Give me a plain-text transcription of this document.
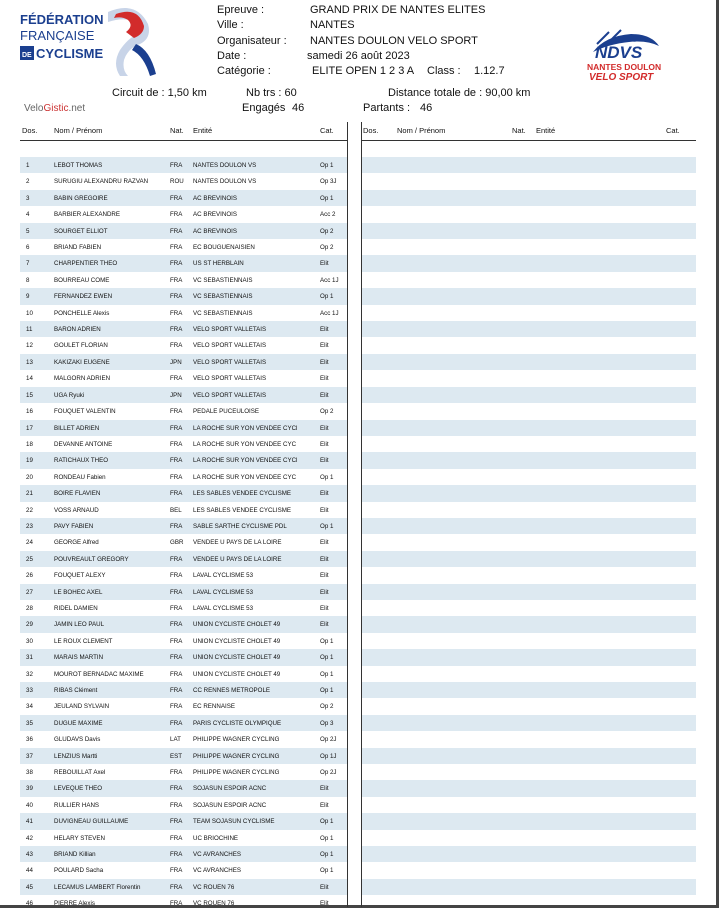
FÉDÉRATION
FRANÇAISE
DE CYCLISME	NDVS
NANTES DOULON
VELO SPORT
Epreuve :	GRAND PRIX DE NANTES ELITES
Ville :	NANTES
Organisateur : NANTES DOULON VELO SPORT
Date :	samedi 26 août 2023
Catégorie :	ELITE OPEN 1 2 3 A Class : 1.12.7
Circuit de : 1,50 km	Nb trs : 60	Distance totale de : 90,00 km
Engagés 46	Partants : 46
VeloGistic.net
Dos. Nom / Prénom	Nat. Entité	Cat.
1	LEBOT THOMAS	FRA NANTES DOULON VS	Op 1
2	SURUGIU ALEXANDRU RAZVAN	ROU NANTES DOULON VS	Op 3J
3	BABIN GREGOIRE	FRA AC BREVINOIS	Op 1
4	BARBIER ALEXANDRE	FRA AC BREVINOIS	Acc 2
5	SOURGET ELLIOT	FRA AC BREVINOIS	Op 2
6	BRIAND FABIEN	FRA EC BOUGUENAISIEN	Op 2
7	CHARPENTIER THEO	FRA US ST HERBLAIN	Elit
8	BOURREAU COME	FRA VC SEBASTIENNAIS	Acc 1J
9	FERNANDEZ EWEN	FRA VC SEBASTIENNAIS	Op 1
10	PONCHELLE Alexis	FRA VC SEBASTIENNAIS	Acc 1J
11	BARON ADRIEN	FRA VELO SPORT VALLETAIS	Elit
12	GOULET FLORIAN	FRA VELO SPORT VALLETAIS	Elit
13	KAKIZAKI EUGENE	JPN VELO SPORT VALLETAIS	Elit
14	MALGORN ADRIEN	FRA VELO SPORT VALLETAIS	Elit
15	UGA Ryuki	JPN VELO SPORT VALLETAIS	Elit
16	FOUQUET VALENTIN	FRA PEDALE PUCEULOISE	Op 2
17	BILLET ADRIEN	FRA LA ROCHE SUR YON VENDEE CYCl	Elit
18	DEVANNE ANTOINE	FRA LA ROCHE SUR YON VENDEE CYC	Elit
19	RATICHAUX THEO	FRA LA ROCHE SUR YON VENDEE CYCl	Elit
20	RONDEAU Fabien	FRA LA ROCHE SUR YON VENDEE CYC	Op 1
21	BOIRE FLAVIEN	FRA LES SABLES VENDEE CYCLISME	Elit
22	VOSS ARNAUD	BEL LES SABLES VENDEE CYCLISME	Elit
23	PAVY FABIEN	FRA SABLE SARTHE CYCLISME PDL	Op 1
24	GEORGE Alfred	GBR VENDEE U PAYS DE LA LOIRE	Elit
25	POUVREAULT GREGORY	FRA VENDEE U PAYS DE LA LOIRE	Elit
26	FOUQUET ALEXY	FRA LAVAL CYCLISME 53	Elit
27	LE BOHEC AXEL	FRA LAVAL CYCLISME 53	Elit
28	RIDEL DAMIEN	FRA LAVAL CYCLISME 53	Elit
29	JAMIN LEO PAUL	FRA UNION CYCLISTE CHOLET 49	Elit
30	LE ROUX CLEMENT	FRA UNION CYCLISTE CHOLET 49	Op 1
31	MARAIS MARTIN	FRA UNION CYCLISTE CHOLET 49	Op 1
32	MOUROT BERNADAC MAXIME	FRA UNION CYCLISTE CHOLET 49	Op 1
33	RIBAS Clément	FRA CC RENNES METROPOLE	Op 1
34	JEULAND SYLVAIN	FRA EC RENNAISE	Op 2
35	DUGUE MAXIME	FRA PARIS CYCLISTE OLYMPIQUE	Op 3
36	GLUDAVS Davis	LAT PHILIPPE WAGNER CYCLING	Op 2J
37	LENZIUS Martti	EST PHILIPPE WAGNER CYCLING	Op 1J
38	REBOUILLAT Axel	FRA PHILIPPE WAGNER CYCLING	Op 2J
39	LEVEQUE THEO	FRA SOJASUN ESPOIR ACNC	Elit
40	RULLIER HANS	FRA SOJASUN ESPOIR ACNC	Elit
41	DUVIGNEAU GUILLAUME	FRA TEAM SOJASUN CYCLISME	Op 1
42	HELARY STEVEN	FRA UC BRIOCHINE	Op 1
43	BRIAND Killian	FRA VC AVRANCHES	Op 1
44	POULARD Sacha	FRA VC AVRANCHES	Op 1
45	LECAMUS LAMBERT Florentin	FRA VC ROUEN 76	Elit
46	PIERRE Alexis	FRA VC ROUEN 76	Elit
Dos. Nom / Prénom	Nat. Entité	Cat.
